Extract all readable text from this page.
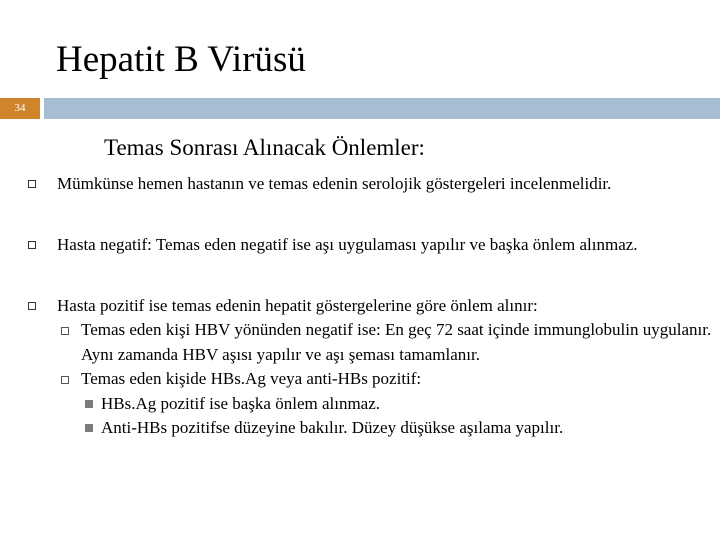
Hepatit B Virüsü
34
Temas Sonrası Alınacak Önlemler:
Mümkünse hemen hastanın ve temas edenin serolojik göstergeleri incelenmelidir.
Hasta negatif: Temas eden negatif ise aşı uygulaması yapılır ve başka önlem alınmaz.
Hasta pozitif ise temas edenin hepatit göstergelerine göre önlem alınır:
Temas eden kişi HBV yönünden negatif ise: En geç 72 saat içinde immunglobulin uygulanır. Aynı zamanda HBV aşısı yapılır ve aşı şeması tamamlanır.
Temas eden kişide HBs.Ag veya anti-HBs pozitif:
HBs.Ag pozitif ise başka önlem alınmaz.
Anti-HBs pozitifse düzeyine bakılır. Düzey düşükse aşılama yapılır.
